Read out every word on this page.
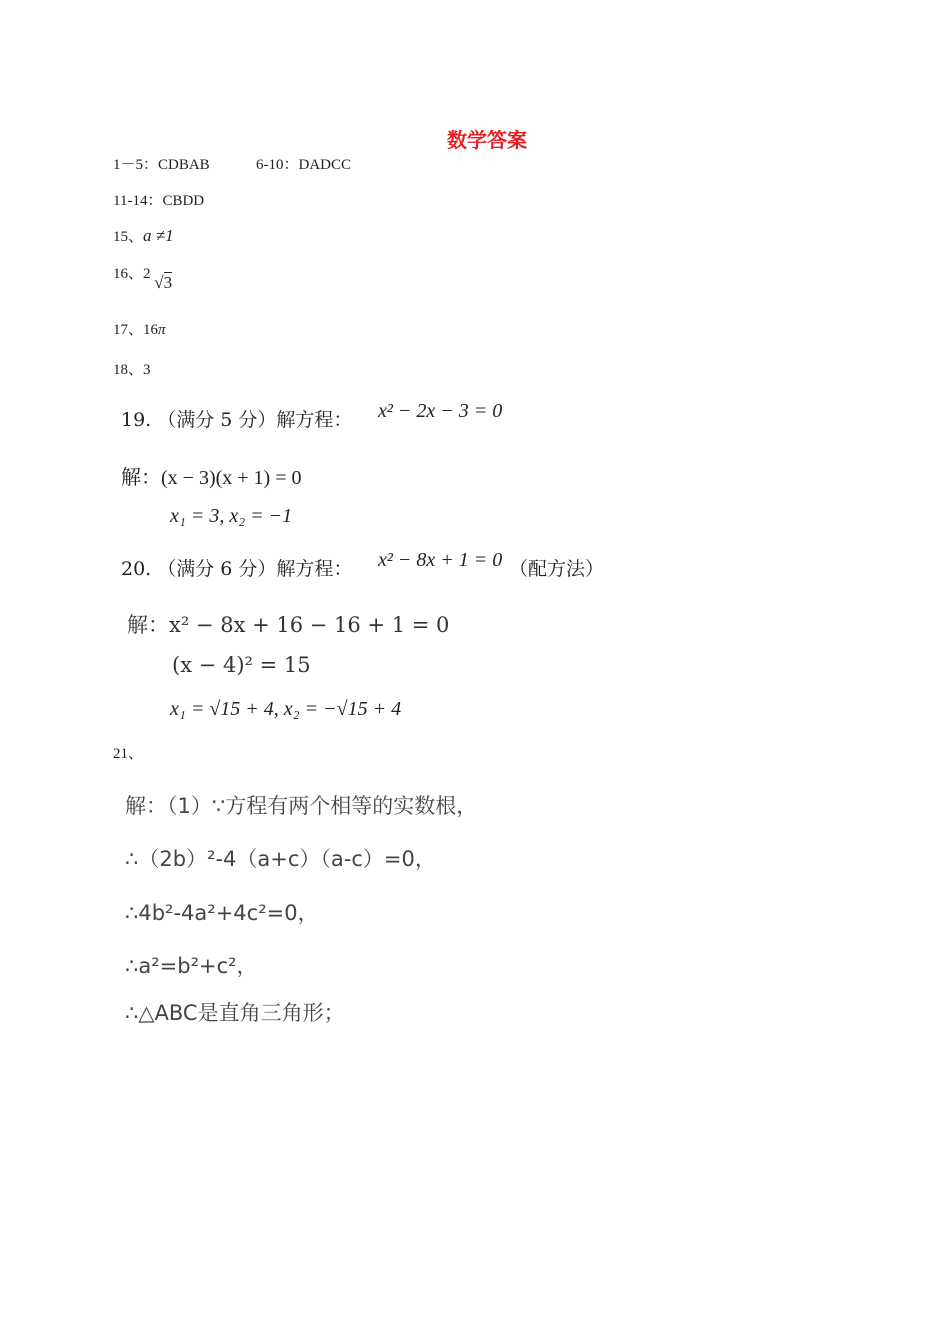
数学答案
1－5：CDBAB	6-10：DADCC
11-14：CBDD
15、a ≠1
16、2 √3
17、16π
18、3
19. （满分 5 分）解方程： x² − 2x − 3 = 0
解：(x − 3)(x + 1) = 0
x₁ = 3, x₂ = −1
20. （满分 6 分）解方程： x² − 8x + 1 = 0 （配方法）
解：x² − 8x + 16 − 16 + 1 = 0
(x − 4)² = 15
x₁ = √15 + 4, x₂ = −√15 + 4
21、
解：（1）∵方程有两个相等的实数根，
∴（2b）²-4（a+c）（a-c）=0，
∴4b²-4a²+4c²=0，
∴a²=b²+c²，
∴△ABC是直角三角形；
